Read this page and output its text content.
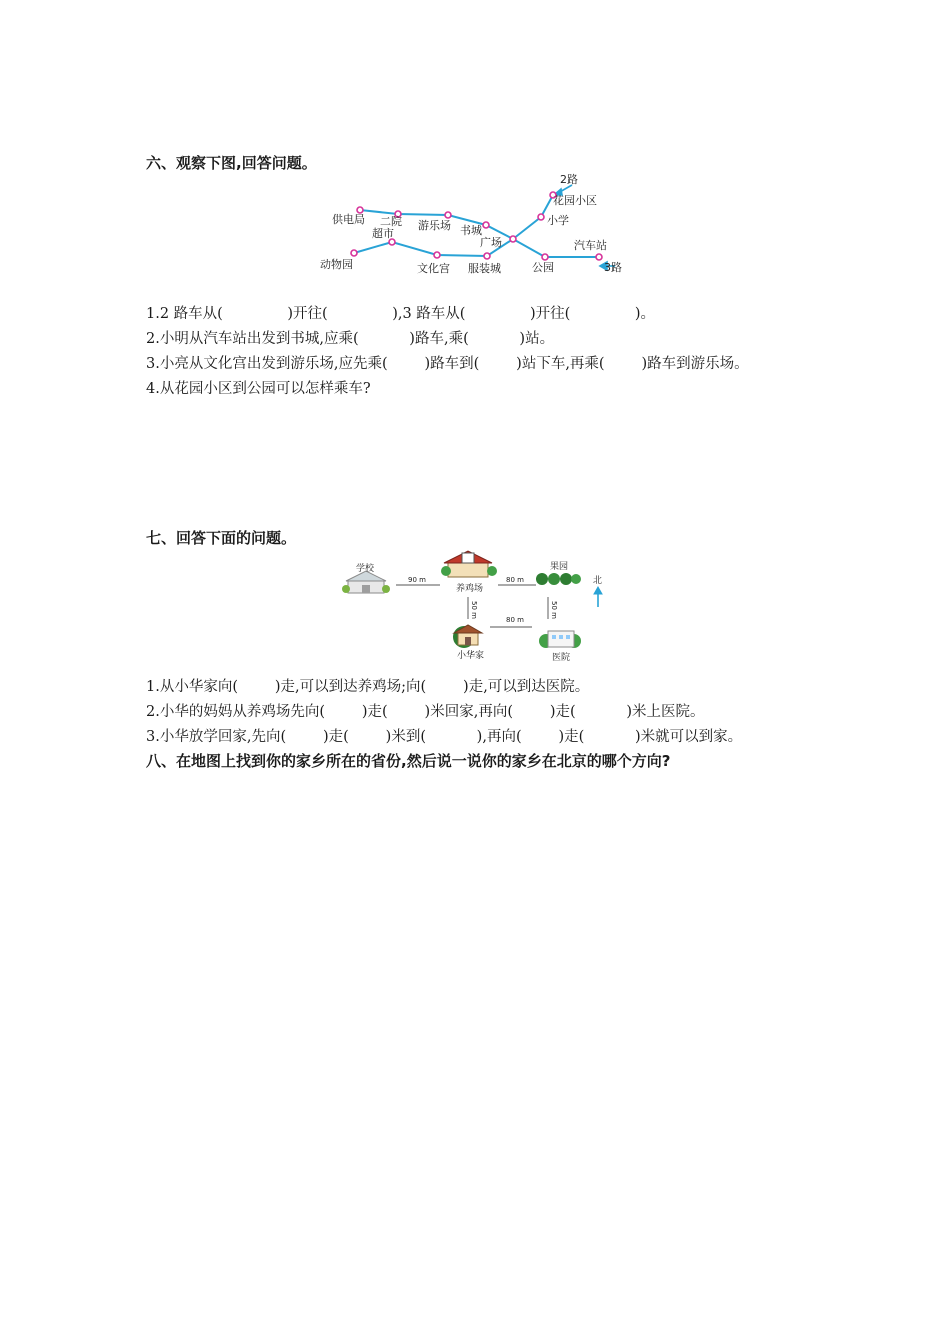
六、观察下图,回答问题。
2路
花园小区
小学
供电局 二院
超市
游乐场 书城
广场	汽车站
动物园	文化宫 服装城	公园	3路
1.2 路车从(              )开往(              ),3 路车从(              )开往(              )。
2.小明从汽车站出发到书城,应乘(           )路车,乘(           )站。
3.小亮从文化宫出发到游乐场,应先乘(        )路车到(        )站下车,再乘(        )路车到游乐场。
4.从花园小区到公园可以怎样乘车?
七、回答下面的问题。
学校
养鸡场
果园
北
90 m	80 m
50 m	50 m
80 m
小华家	医院
1.从小华家向(        )走,可以到达养鸡场;向(        )走,可以到达医院。
2.小华的妈妈从养鸡场先向(        )走(        )米回家,再向(        )走(           )米上医院。
3.小华放学回家,先向(        )走(        )米到(           ),再向(        )走(           )米就可以到家。
八、在地图上找到你的家乡所在的省份,然后说一说你的家乡在北京的哪个方向?
